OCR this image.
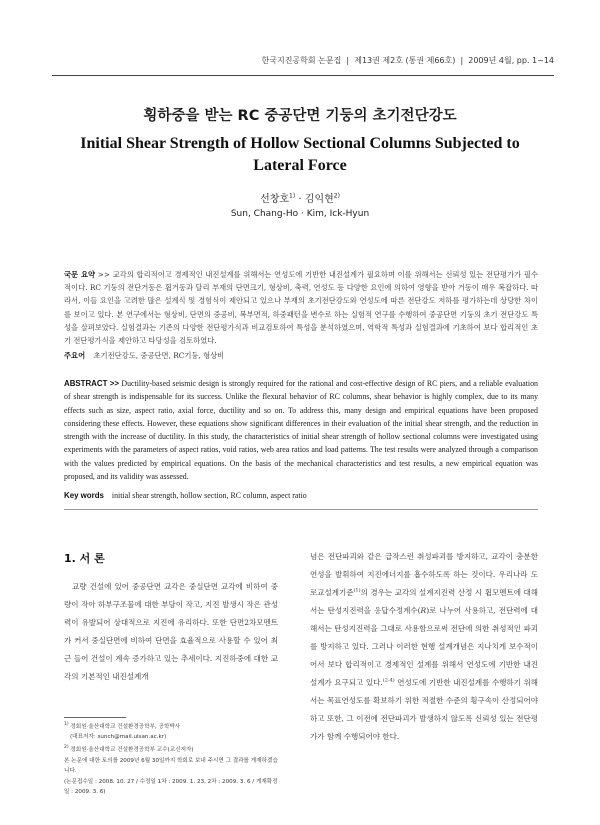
한국지진공학회 논문집  |  제13권 제2호 (통권 제66호)  |  2009년 4월, pp. 1~14
횡하중을 받는 RC 중공단면 기둥의 초기전단강도
Initial Shear Strength of Hollow Sectional Columns Subjected to Lateral Force
선창호$^{1)}$ · 김익현$^{2)}$
Sun, Chang-Ho · Kim, Ick-Hyun

국문 요약 >> 교각의 합리적이고 경제적인 내진설계를 위해서는 연성도에 기반한 내진설계가 필요하며 이를 위해서는 신뢰성 있는 전단평가가 필수적이다. RC 기둥의 전단거동은 휨거동과 달리 부재의 단면크기, 형상비, 축력, 연성도 등 다양한 요인에 의하여 영향을 받아 거동이 매우 복잡하다. 따라서, 이들 요인을 고려한 많은 설계식 및 경험식이 제안되고 있으나 부재의 초기전단강도와 연성도에 따른 전단강도 저하를 평가하는데 상당한 차이를 보이고 있다. 본 연구에서는 형상비, 단면의 중공비, 복부면적, 하중패턴을 변수로 하는 실험적 연구를 수행하여 중공단면 기둥의 초기 전단강도 특성을 살펴보았다. 실험결과는 기존의 다양한 전단평가식과 비교검토하여 특성을 분석하였으며, 역학적 특성과 실험결과에 기초하여 보다 합리적인 초기 전단평가식을 제안하고 타당성을 검토하였다.

주요어 초기전단강도, 중공단면, RC기둥, 형상비

ABSTRACT >> Ductility-based seismic design is strongly required for the rational and cost-effective design of RC piers, and a reliable evaluation of shear strength is indispensable for its success. Unlike the flexural behavior of RC columns, shear behavior is highly complex, due to its many effects such as size, aspect ratio, axial force, ductility and so on. To address this, many design and empirical equations have been proposed considering these effects. However, these equations show significant differences in their evaluation of the initial shear strength, and the reduction in strength with the increase of ductility. In this study, the characteristics of initial shear strength of hollow sectional columns were investigated using experiments with the parameters of aspect ratios, void ratios, web area ratios and load patterns. The test results were analyzed through a comparison with the values predicted by empirical equations. On the basis of the mechanical characteristics and test results, a new empirical equation was proposed, and its validity was assessed.

Key words initial shear strength, hollow section, RC column, aspect ratio
1. 서 론

교량 건설에 있어 중공단면 교각은 중실단면 교각에 비하여 중량이 작아 하부구조물에 대한 부담이 작고, 지진 발생시 작은 관성력이 유발되어 상대적으로 지진에 유리하다. 또한 단면2차모멘트가 커서 중실단면에 비하여 단면을 효율적으로 사용할 수 있어 최근 들어 건설이 계속 증가하고 있는 추세이다. 지진하중에 대한 교각의 기본적인 내진설계개

념은 전단파괴와 같은 급작스런 취성파괴를 방지하고, 교각이 충분한 연성을 발휘하여 지진에너지를 흡수하도록 하는 것이다. 우리나라 도로교설계기준$^{(1)}$의 경우는 교각의 설계지진력 산정 시 휨모멘트에 대해서는 탄성지진력을 응답수정계수(R)로 나누어 사용하고, 전단력에 대해서는 탄성지진력을 그대로 사용함으로써 전단에 의한 취성적인 파괴를 방지하고 있다. 그러나 이러한 현행 설계개념은 지나치게 보수적이어서 보다 합리적이고 경제적인 설계를 위해서 연성도에 기반한 내진설계가 요구되고 있다.$^{(2-4)}$ 연성도에 기반한 내진설계를 수행하기 위해서는 목표연성도를 확보하기 위한 적절한 수준의 횡구속이 산정되어야 하고 또한, 그 이전에 전단파괴가 발생하지 않도록 신뢰성 있는 전단평가가 함께 수행되어야 한다.

$^{1)}$ 정회원·울산대학교 건설환경공학부, 공학박사
(대표저자: sunch@mail.ulsan.ac.kr)
$^{2)}$ 정회원·울산대학교 건설환경공학부 교수(교신저자)
본 논문에 대한 토의를 2009년 6월 30일까지 학회로 보내 주시면 그 결과를 게재하겠습니다.
(논문접수일 : 2008. 10. 27 / 수정일 1차 : 2009. 1. 23, 2차 : 2009. 3. 6 / 게재확정일 : 2009. 3. 6)
